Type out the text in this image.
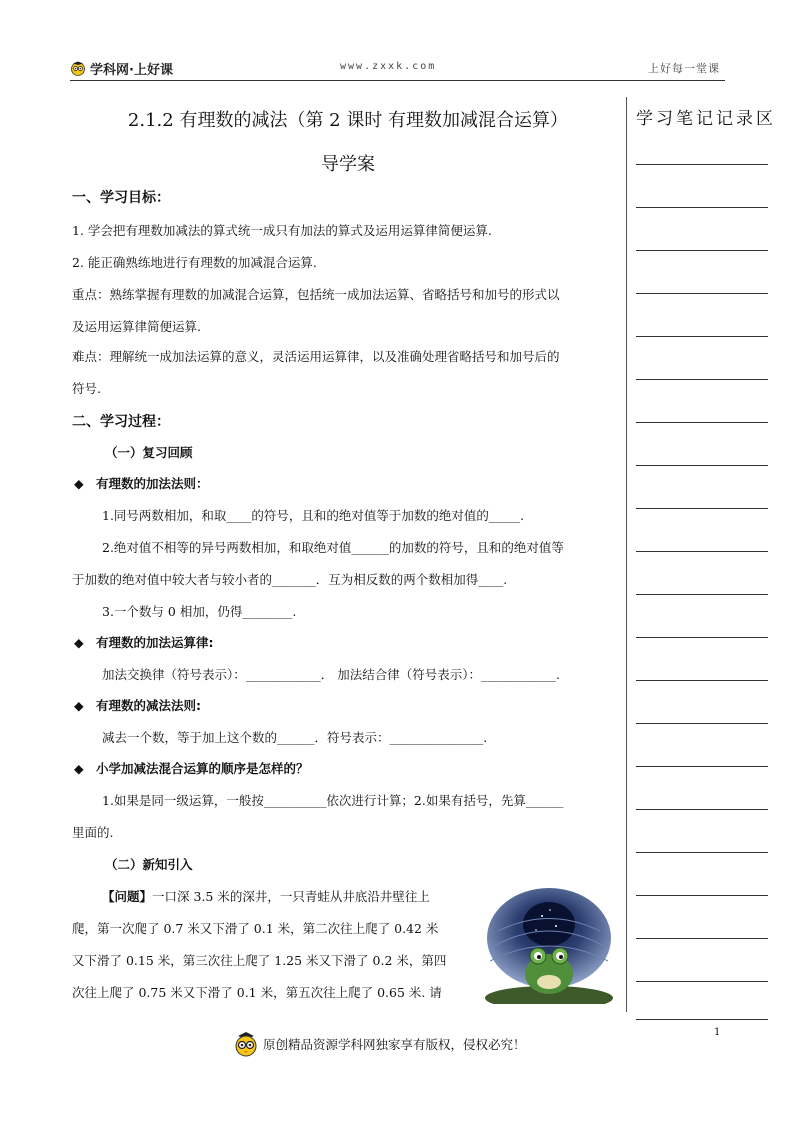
学科网·上好课	www.zxxk.com	上好每一堂课
学习笔记记录区
2.1.2 有理数的减法（第 2 课时 有理数加减混合运算）
导学案
一、学习目标：
1. 学会把有理数加减法的算式统一成只有加法的算式及运用运算律简便运算.
2. 能正确熟练地进行有理数的加减混合运算.
重点：熟练掌握有理数的加减混合运算，包括统一成加法运算、省略括号和加号的形式以
及运用运算律简便运算.
难点：理解统一成加法运算的意义，灵活运用运算律，以及准确处理省略括号和加号后的
符号.
二、学习过程：
（一）复习回顾
◆ 有理数的加法法则：
1.同号两数相加，和取____的符号，且和的绝对值等于加数的绝对值的_____.
2.绝对值不相等的异号两数相加，和取绝对值______的加数的符号，且和的绝对值等
于加数的绝对值中较大者与较小者的_______．互为相反数的两个数相加得____.
3.一个数与 0 相加，仍得________.
◆ 有理数的加法运算律:
加法交换律（符号表示）：____________． 加法结合律（符号表示）：____________.
◆ 有理数的减法法则:
减去一个数，等于加上这个数的______．符号表示：_______________.
◆ 小学加减法混合运算的顺序是怎样的？
1.如果是同一级运算，一般按__________依次进行计算；2.如果有括号，先算______
里面的.
（二）新知引入
【问题】一口深 3.5 米的深井，一只青蛙从井底沿井壁往上
爬，第一次爬了 0.7 米又下滑了 0.1 米，第二次往上爬了 0.42 米
又下滑了 0.15 米，第三次往上爬了 1.25 米又下滑了 0.2 米，第四
次往上爬了 0.75 米又下滑了 0.1 米，第五次往上爬了 0.65 米. 请
原创精品资源学科网独家享有版权，侵权必究！
1
